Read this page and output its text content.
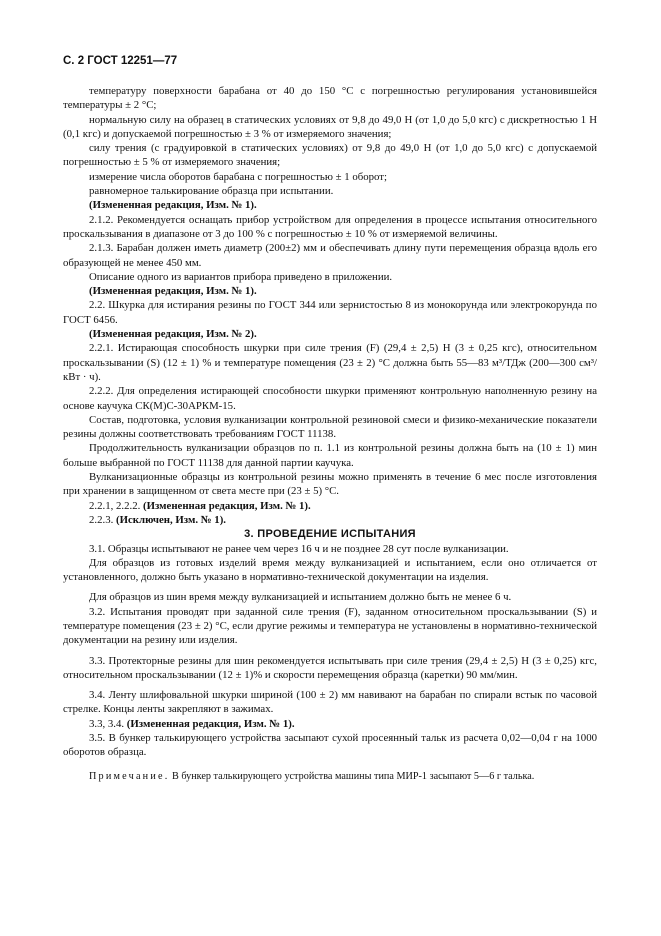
С. 2 ГОСТ 12251—77

температуру поверхности барабана от 40 до 150 °С с погрешностью регулирования установившейся температуры ± 2 °С;

нормальную силу на образец в статических условиях от 9,8 до 49,0 Н (от 1,0 до 5,0 кгс) с дискретностью 1 Н (0,1 кгс) и допускаемой погрешностью ± 3 % от измеряемого значения;

силу трения (с градуировкой в статических условиях) от 9,8 до 49,0 Н (от 1,0 до 5,0 кгс) с допускаемой погрешностью ± 5 % от измеряемого значения;

измерение числа оборотов барабана с погрешностью ± 1 оборот;

равномерное талькирование образца при испытании.

(Измененная редакция, Изм. № 1).

2.1.2. Рекомендуется оснащать прибор устройством для определения в процессе испытания относительного проскальзывания в диапазоне от 3 до 100 % с погрешностью ± 10 % от измеряемой величины.

2.1.3. Барабан должен иметь диаметр (200±2) мм и обеспечивать длину пути перемещения образца вдоль его образующей не менее 450 мм.

Описание одного из вариантов прибора приведено в приложении.

(Измененная редакция, Изм. № 1).

2.2. Шкурка для истирания резины по ГОСТ 344 или зернистостью 8 из монокорунда или электрокорунда по ГОСТ 6456.

(Измененная редакция, Изм. № 2).

2.2.1. Истирающая способность шкурки при силе трения (F) (29,4 ± 2,5) Н (3 ± 0,25 кгс), относительном проскальзывании (S) (12 ± 1) % и температуре помещения (23 ± 2) °С должна быть 55—83 м³/ТДж (200—300 см³/кВт · ч).

2.2.2. Для определения истирающей способности шкурки применяют контрольную наполненную резину на основе каучука СК(М)С-30АРКМ-15.

Состав, подготовка, условия вулканизации контрольной резиновой смеси и физико-механические показатели резины должны соответствовать требованиям ГОСТ 11138.

Продолжительность вулканизации образцов по п. 1.1 из контрольной резины должна быть на (10 ± 1) мин больше выбранной по ГОСТ 11138 для данной партии каучука.

Вулканизационные образцы из контрольной резины можно применять в течение 6 мес после изготовления при хранении в защищенном от света месте при (23 ± 5) °С.

2.2.1, 2.2.2. (Измененная редакция, Изм. № 1).

2.2.3. (Исключен, Изм. № 1).

3. ПРОВЕДЕНИЕ ИСПЫТАНИЯ

3.1. Образцы испытывают не ранее чем через 16 ч и не позднее 28 сут после вулканизации.

Для образцов из готовых изделий время между вулканизацией и испытанием, если оно отличается от установленного, должно быть указано в нормативно-технической документации на изделия.

Для образцов из шин время между вулканизацией и испытанием должно быть не менее 6 ч.

3.2. Испытания проводят при заданной силе трения (F), заданном относительном проскальзывании (S) и температуре помещения (23 ± 2) °С, если другие режимы и температура не установлены в нормативно-технической документации на резину или изделия.

3.3. Протекторные резины для шин рекомендуется испытывать при силе трения (29,4 ± 2,5) Н (3 ± 0,25) кгс, относительном проскальзывании (12 ± 1)% и скорости перемещения образца (каретки) 90 мм/мин.

3.4. Ленту шлифовальной шкурки шириной (100 ± 2) мм навивают на барабан по спирали встык по часовой стрелке. Концы ленты закрепляют в зажимах.

3.3, 3.4. (Измененная редакция, Изм. № 1).

3.5. В бункер талькирующего устройства засыпают сухой просеянный тальк из расчета 0,02—0,04 г на 1000 оборотов образца.

Примечание. В бункер талькирующего устройства машины типа МИР-1 засыпают 5—6 г талька.
